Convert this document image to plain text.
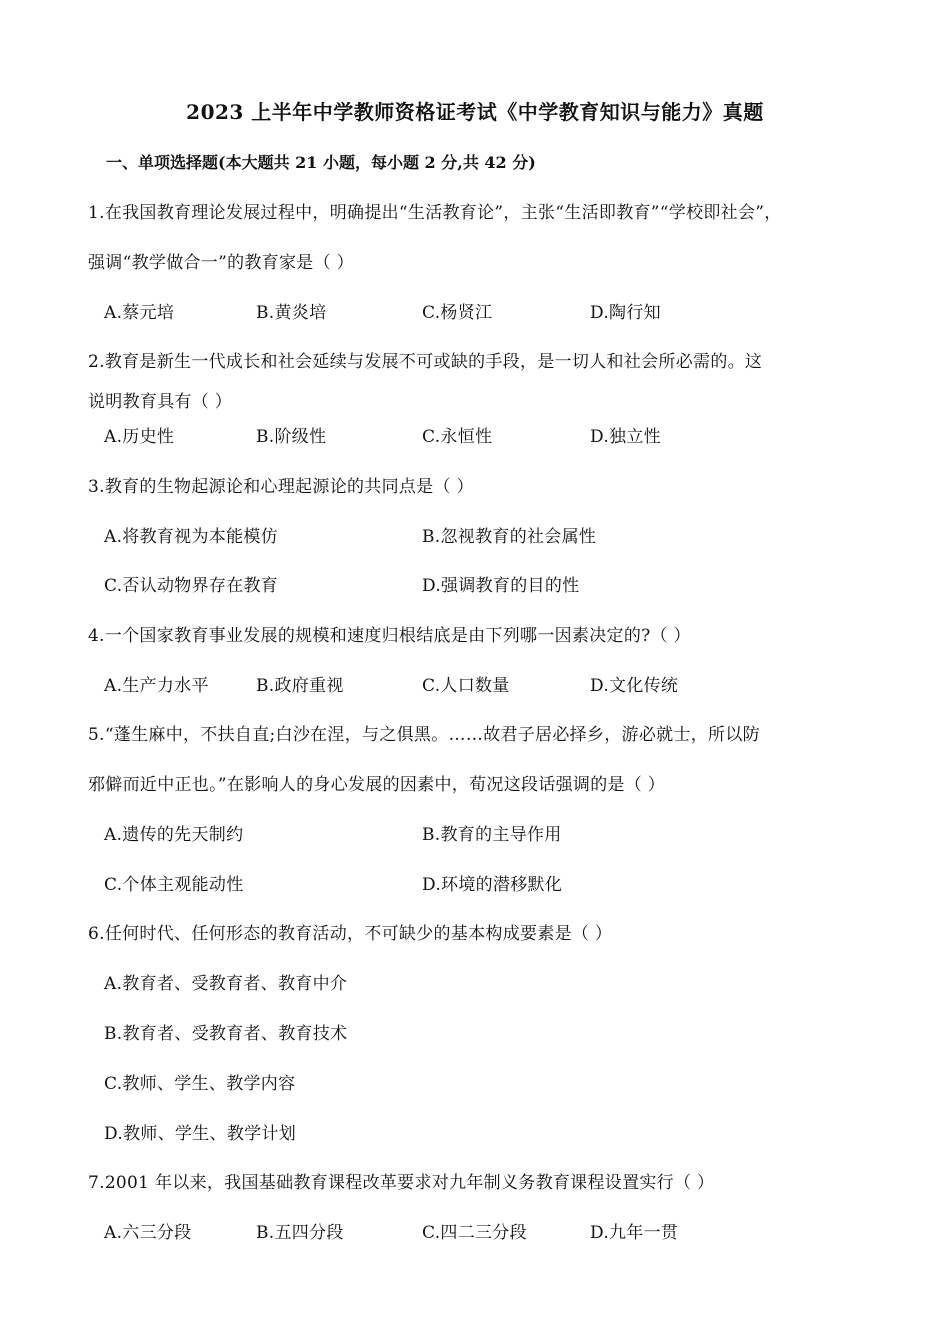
2023 上半年中学教师资格证考试《中学教育知识与能力》真题
一、单项选择题(本大题共 21 小题，每小题 2 分,共 42 分)
1.在我国教育理论发展过程中，明确提出“生活教育论”，主张“生活即教育”“学校即社会”，
强调“教学做合一”的教育家是（ ）
A.蔡元培	B.黄炎培	C.杨贤江	D.陶行知
2.教育是新生一代成长和社会延续与发展不可或缺的手段，是一切人和社会所必需的。这
说明教育具有（ ）
A.历史性	B.阶级性	C.永恒性	D.独立性
3.教育的生物起源论和心理起源论的共同点是（ ）
A.将教育视为本能模仿	B.忽视教育的社会属性
C.否认动物界存在教育	D.强调教育的目的性
4.一个国家教育事业发展的规模和速度归根结底是由下列哪一因素决定的?（ ）
A.生产力水平	B.政府重视	C.人口数量	D.文化传统
5.“蓬生麻中，不扶自直;白沙在涅，与之俱黑。……故君子居必择乡，游必就士，所以防
邪僻而近中正也。”在影响人的身心发展的因素中，荀况这段话强调的是（ ）
A.遗传的先天制约	B.教育的主导作用
C.个体主观能动性	D.环境的潜移默化
6.任何时代、任何形态的教育活动，不可缺少的基本构成要素是（ ）
A.教育者、受教育者、教育中介
B.教育者、受教育者、教育技术
C.教师、学生、教学内容
D.教师、学生、教学计划
7.2001 年以来，我国基础教育课程改革要求对九年制义务教育课程设置实行（ ）
A.六三分段	B.五四分段	C.四二三分段	D.九年一贯
